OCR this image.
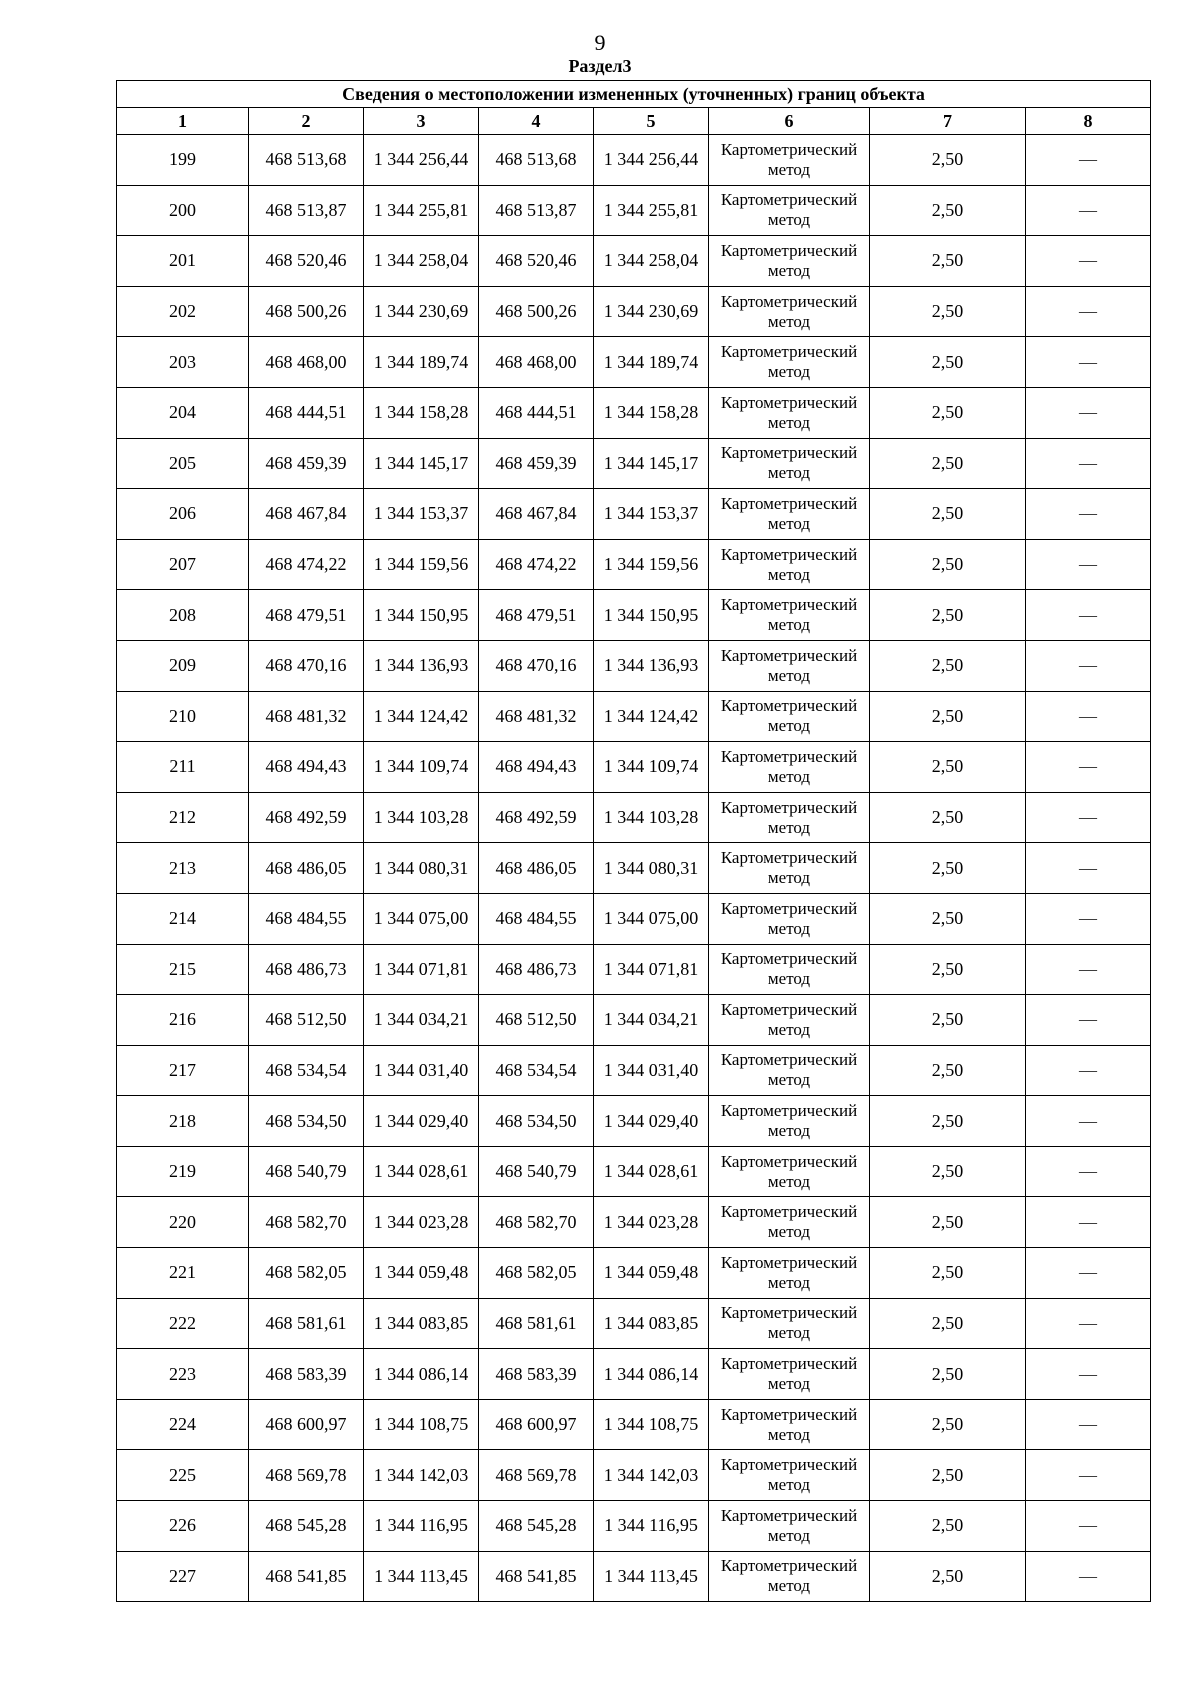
9
Раздел3
Сведения о местоположении измененных (уточненных) границ объекта							
1	2	3	4	5	6	7	8
199	468 513,68	1 344 256,44	468 513,68	1 344 256,44	Картометрический метод	2,50	—
200	468 513,87	1 344 255,81	468 513,87	1 344 255,81	Картометрический метод	2,50	—
201	468 520,46	1 344 258,04	468 520,46	1 344 258,04	Картометрический метод	2,50	—
202	468 500,26	1 344 230,69	468 500,26	1 344 230,69	Картометрический метод	2,50	—
203	468 468,00	1 344 189,74	468 468,00	1 344 189,74	Картометрический метод	2,50	—
204	468 444,51	1 344 158,28	468 444,51	1 344 158,28	Картометрический метод	2,50	—
205	468 459,39	1 344 145,17	468 459,39	1 344 145,17	Картометрический метод	2,50	—
206	468 467,84	1 344 153,37	468 467,84	1 344 153,37	Картометрический метод	2,50	—
207	468 474,22	1 344 159,56	468 474,22	1 344 159,56	Картометрический метод	2,50	—
208	468 479,51	1 344 150,95	468 479,51	1 344 150,95	Картометрический метод	2,50	—
209	468 470,16	1 344 136,93	468 470,16	1 344 136,93	Картометрический метод	2,50	—
210	468 481,32	1 344 124,42	468 481,32	1 344 124,42	Картометрический метод	2,50	—
211	468 494,43	1 344 109,74	468 494,43	1 344 109,74	Картометрический метод	2,50	—
212	468 492,59	1 344 103,28	468 492,59	1 344 103,28	Картометрический метод	2,50	—
213	468 486,05	1 344 080,31	468 486,05	1 344 080,31	Картометрический метод	2,50	—
214	468 484,55	1 344 075,00	468 484,55	1 344 075,00	Картометрический метод	2,50	—
215	468 486,73	1 344 071,81	468 486,73	1 344 071,81	Картометрический метод	2,50	—
216	468 512,50	1 344 034,21	468 512,50	1 344 034,21	Картометрический метод	2,50	—
217	468 534,54	1 344 031,40	468 534,54	1 344 031,40	Картометрический метод	2,50	—
218	468 534,50	1 344 029,40	468 534,50	1 344 029,40	Картометрический метод	2,50	—
219	468 540,79	1 344 028,61	468 540,79	1 344 028,61	Картометрический метод	2,50	—
220	468 582,70	1 344 023,28	468 582,70	1 344 023,28	Картометрический метод	2,50	—
221	468 582,05	1 344 059,48	468 582,05	1 344 059,48	Картометрический метод	2,50	—
222	468 581,61	1 344 083,85	468 581,61	1 344 083,85	Картометрический метод	2,50	—
223	468 583,39	1 344 086,14	468 583,39	1 344 086,14	Картометрический метод	2,50	—
224	468 600,97	1 344 108,75	468 600,97	1 344 108,75	Картометрический метод	2,50	—
225	468 569,78	1 344 142,03	468 569,78	1 344 142,03	Картометрический метод	2,50	—
226	468 545,28	1 344 116,95	468 545,28	1 344 116,95	Картометрический метод	2,50	—
227	468 541,85	1 344 113,45	468 541,85	1 344 113,45	Картометрический метод	2,50	—
